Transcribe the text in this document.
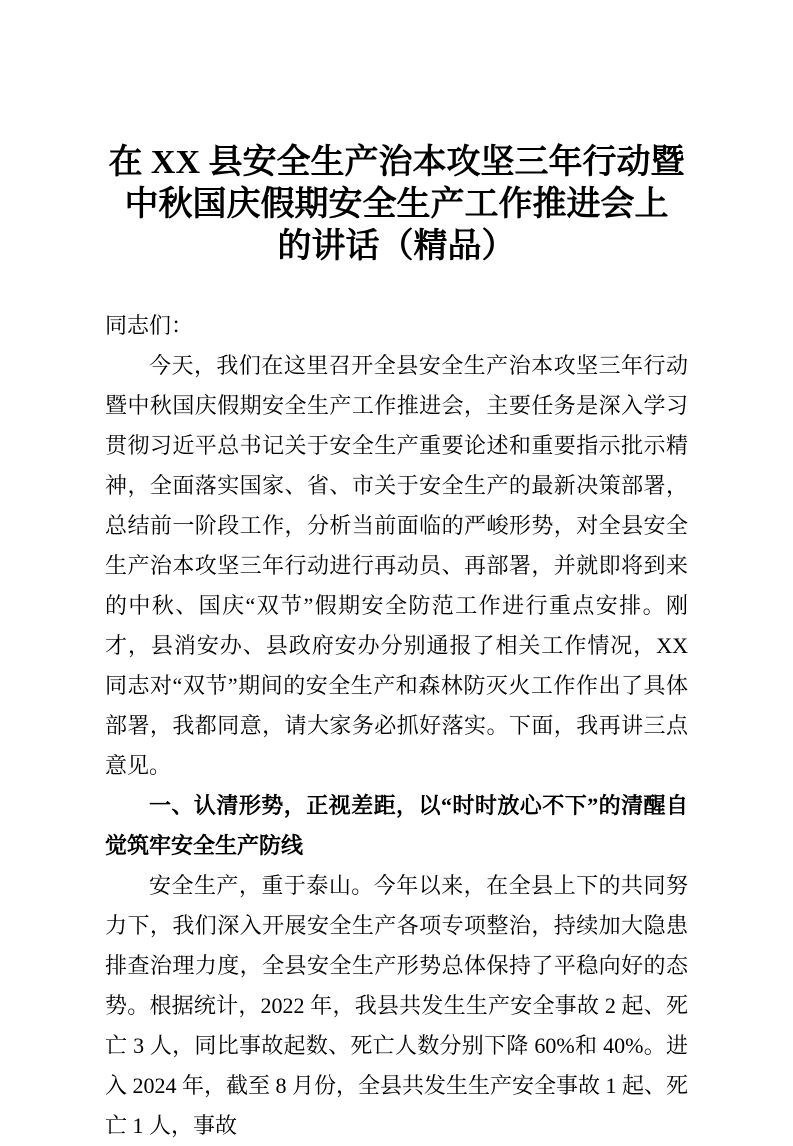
在 XX 县安全生产治本攻坚三年行动暨
中秋国庆假期安全生产工作推进会上
的讲话（精品）

同志们：

今天，我们在这里召开全县安全生产治本攻坚三年行动暨中秋国庆假期安全生产工作推进会，主要任务是深入学习贯彻习近平总书记关于安全生产重要论述和重要指示批示精神，全面落实国家、省、市关于安全生产的最新决策部署，总结前一阶段工作，分析当前面临的严峻形势，对全县安全生产治本攻坚三年行动进行再动员、再部署，并就即将到来的中秋、国庆“双节”假期安全防范工作进行重点安排。刚才，县消安办、县政府安办分别通报了相关工作情况，XX 同志对“双节”期间的安全生产和森林防灭火工作作出了具体部署，我都同意，请大家务必抓好落实。下面，我再讲三点意见。

一、认清形势，正视差距，以“时时放心不下”的清醒自觉筑牢安全生产防线

安全生产，重于泰山。今年以来，在全县上下的共同努力下，我们深入开展安全生产各项专项整治，持续加大隐患排查治理力度，全县安全生产形势总体保持了平稳向好的态势。根据统计，2022 年，我县共发生生产安全事故 2 起、死亡 3 人，同比事故起数、死亡人数分别下降 60%和 40%。进入 2024 年，截至 8 月份，全县共发生生产安全事故 1 起、死亡 1 人，事故
